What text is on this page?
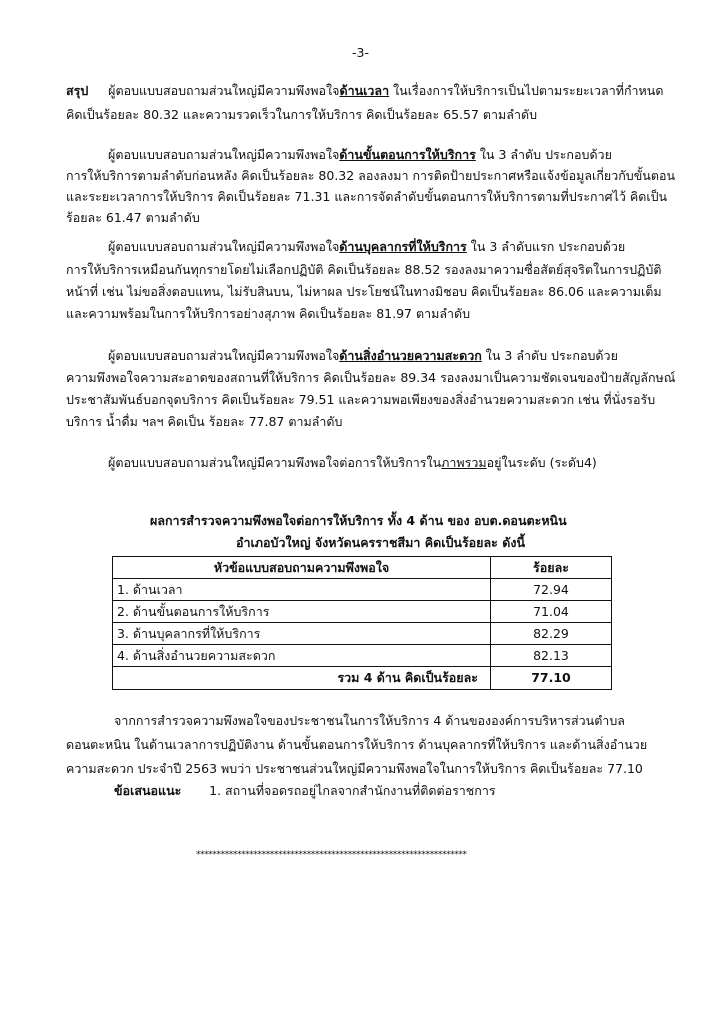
-3-
สรุป ผู้ตอบแบบสอบถามส่วนใหญ่มีความพึงพอใจด้านเวลา ในเรื่องการให้บริการเป็นไปตามระยะเวลาที่กำหนด
คิดเป็นร้อยละ 80.32 และความรวดเร็วในการให้บริการ คิดเป็นร้อยละ 65.57 ตามลำดับ
ผู้ตอบแบบสอบถามส่วนใหญ่มีความพึงพอใจด้านขั้นตอนการให้บริการ ใน 3 ลำดับ ประกอบด้วย
การให้บริการตามลำดับก่อนหลัง คิดเป็นร้อยละ 80.32 ลองลงมา การติดป้ายประกาศหรือแจ้งข้อมูลเกี่ยวกับขั้นตอน
และระยะเวลาการให้บริการ คิดเป็นร้อยละ 71.31 และการจัดลำดับขั้นตอนการให้บริการตามที่ประกาศไว้ คิดเป็น
ร้อยละ 61.47 ตามลำดับ
ผู้ตอบแบบสอบถามส่วนใหญ่มีความพึงพอใจด้านบุคลากรที่ให้บริการ ใน 3 ลำดับแรก ประกอบด้วย
การให้บริการเหมือนกันทุกรายโดยไม่เลือกปฏิบัติ คิดเป็นร้อยละ 88.52 รองลงมาความซื่อสัตย์สุจริตในการปฏิบัติ
หน้าที่ เช่น ไม่ขอสิ่งตอบแทน, ไม่รับสินบน, ไม่หาผล ประโยชน์ในทางมิชอบ คิดเป็นร้อยละ 86.06 และความเต็ม
และความพร้อมในการให้บริการอย่างสุภาพ คิดเป็นร้อยละ 81.97 ตามลำดับ
ผู้ตอบแบบสอบถามส่วนใหญ่มีความพึงพอใจด้านสิ่งอำนวยความสะดวก ใน 3 ลำดับ ประกอบด้วย
ความพึงพอใจความสะอาดของสถานที่ให้บริการ คิดเป็นร้อยละ 89.34 รองลงมาเป็นความชัดเจนของป้ายสัญลักษณ์
ประชาสัมพันธ์บอกจุดบริการ คิดเป็นร้อยละ 79.51 และความพอเพียงของสิ่งอำนวยความสะดวก เช่น ที่นั่งรอรับ
บริการ น้ำดื่ม ฯลฯ คิดเป็น ร้อยละ 77.87 ตามลำดับ
ผู้ตอบแบบสอบถามส่วนใหญ่มีความพึงพอใจต่อการให้บริการในภาพรวมอยู่ในระดับ (ระดับ4)
ผลการสำรวจความพึงพอใจต่อการให้บริการ ทั้ง 4 ด้าน ของ อบต.ดอนตะหนิน
อำเภอบัวใหญ่ จังหวัดนครราชสีมา คิดเป็นร้อยละ ดังนี้
หัวข้อแบบสอบถามความพึงพอใจ	ร้อยละ
1. ด้านเวลา	72.94
2. ด้านขั้นตอนการให้บริการ	71.04
3. ด้านบุคลากรที่ให้บริการ	82.29
4. ด้านสิ่งอำนวยความสะดวก	82.13
รวม 4 ด้าน คิดเป็นร้อยละ	77.10
จากการสำรวจความพึงพอใจของประชาชนในการให้บริการ 4 ด้านขององค์การบริหารส่วนตำบล
ดอนตะหนิน ในด้านเวลาการปฏิบัติงาน ด้านขั้นตอนการให้บริการ ด้านบุคลากรที่ให้บริการ และด้านสิ่งอำนวย
ความสะดวก ประจำปี 2563 พบว่า ประชาชนส่วนใหญ่มีความพึงพอใจในการให้บริการ คิดเป็นร้อยละ 77.10
ข้อเสนอแนะ 1. สถานที่จอดรถอยู่ไกลจากสำนักงานที่ติดต่อราชการ
******************************************************************
